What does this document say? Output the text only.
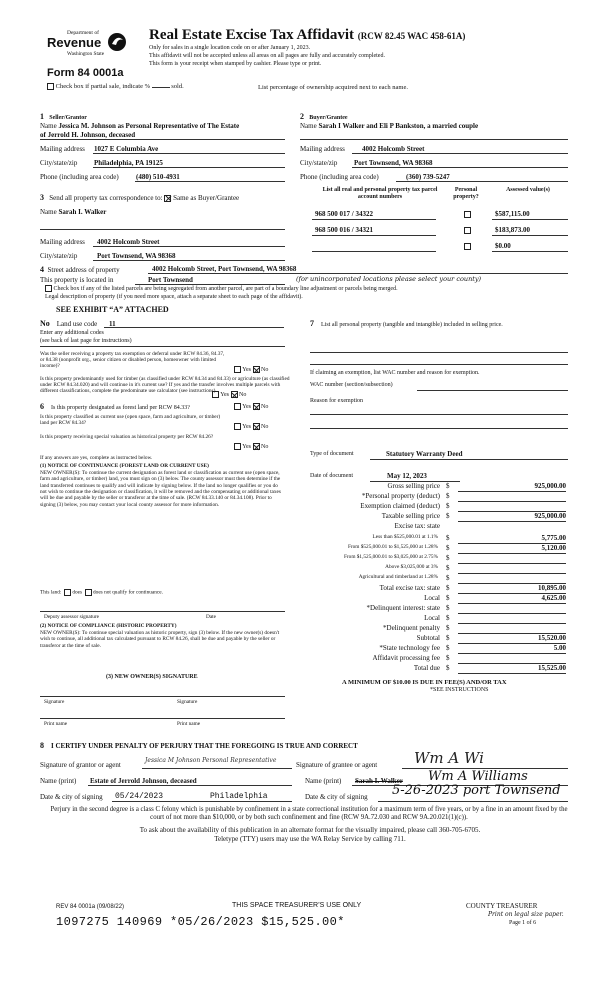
Department of
Revenue
Washington State
Form 84 0001a
Real Estate Excise Tax Affidavit (RCW 82.45 WAC 458-61A)
Only for sales in a single location code on or after January 1, 2023.
This affidavit will not be accepted unless all areas on all pages are fully and accurately completed.
This form is your receipt when stamped by cashier. Please type or print.
Check box if partial sale, indicate %	sold.	List percentage of ownership acquired next to each name.
1 Seller/Grantor
Name Jessica M. Johnson as Personal Representative of The Estate
of Jerrold H. Johnson, deceased
Mailing address 1027 E Columbia Ave
City/state/zip Philadelphia, PA 19125
Phone (including area code) (480) 510-4931
2 Buyer/Grantee
Name Sarah I Walker and Eli P Bankston, a married couple
Mailing address 4002 Holcomb Street
City/state/zip Port Townsend, WA 98368
Phone (including area code)	(360) 739-5247
3 Send all property tax correspondence to: Same as Buyer/Grantee
Name Sarah I. Walker
Mailing address 4002 Holcomb Street
City/state/zip	Port Townsend, WA 98368
List all real and personal property tax parcel account numbers
Personal property?
Assessed value(s)
968 500 017 / 34322	$587,115.00
968 500 016 / 34321	$183,873.00
$0.00
4 Street address of property	4002 Holcomb Street, Port Townsend, WA 98368
This property is located in	Port Townsend	(for unincorporated locations please select your county)
Check box if any of the listed parcels are being segregated from another parcel, are part of a boundary line adjustment or parcels being merged.
Legal description of property (if you need more space, attach a separate sheet to each page of the affidavit).
SEE EXHIBIT “A” ATTACHED
No Land use code 11
Enter any additional codes
(see back of last page for instructions)
Was the seller receiving a property tax exemption or deferral under RCW 84.36, 84.37, or 84.38 (nonprofit org., senior citizen or disabled person, homeowner with limited income)?
Yes No
Is this property predominantly used for timber (as classified under RCW 84.34 and 84.33) or agriculture (as classified under RCW 84.34.020) and will continue in it's current use? If yes and the transfer involves multiple parcels with different classifications, complete the predominate use calculator (see instructions)
Yes No
6 Is this property designated as forest land per RCW 84.33?	Yes No
Is this property classified as current use (open space, farm and agriculture, or timber) land per RCW 84.34?
Yes No
Is this property receiving special valuation as historical property per RCW 84.26?
Yes No
If any answers are yes, complete as instructed below.
(1) NOTICE OF CONTINUANCE (FOREST LAND OR CURRENT USE)
NEW OWNER(S): To continue the current designation as forest land or classification as current use (open space, farm and agriculture, or timber) land, you must sign on (3) below. The county assessor must then determine if the land transferred continues to qualify and will indicate by signing below. If the land no longer qualifies or you do not wish to continue the designation or classification, it will be removed and the compensating or additional taxes will be due and payable by the seller or transferor at the time of sale. (RCW 84.33.140 or 84.34.108). Prior to signing (3) below, you may contact your local county assessor for more information.
This land: does does not qualify for continuance.
Deputy assessor signature	Date
(2) NOTICE OF COMPLIANCE (HISTORIC PROPERTY)
NEW OWNER(S): To continue special valuation as historic property, sign (3) below. If the new owner(s) doesn't wish to continue, all additional tax calculated pursuant to RCW 84.26, shall be due and payable by the seller or transferor at the time of sale.
(3) NEW OWNER(S) SIGNATURE
Signature	Signature
Print name	Print name
7 List all personal property (tangible and intangible) included in selling price.
If claiming an exemption, list WAC number and reason for exemption.
WAC number (section/subsection)
Reason for exemption
Type of document	Statutory Warranty Deed
Date of document	May 12, 2023
Gross selling price $	925,000.00
*Personal property (deduct) $
Exemption claimed (deduct) $
Taxable selling price $	925,000.00
Excise tax: state
Less than $525,000.01 at 1.1% $	5,775.00
From $525,000.01 to $1,525,000 at 1.28% $	5,120.00
From $1,525,000.01 to $3,025,000 at 2.75% $
Above $3,025,000 at 3% $
Agricultural and timberland at 1.28% $
Total excise tax: state $	10,895.00
Local $	4,625.00
*Delinquent interest: state $
Local $
*Delinquent penalty $
Subtotal $	15,520.00
*State technology fee $	5.00
Affidavit processing fee $
Total due $	15,525.00
A MINIMUM OF $10.00 IS DUE IN FEE(S) AND/OR TAX
*SEE INSTRUCTIONS
8 I CERTIFY UNDER PENALTY OF PERJURY THAT THE FOREGOING IS TRUE AND CORRECT
Signature of grantor or agent
Jessica M Johnson Personal Representative
Signature of grantee or agent Wm A Wi
Name (print) Estate of Jerrold Johnson, deceased	Name (print) Sarah I. Walker Wm A Williams
Date & city of signing 05/24/2023	Philadelphia	Date & city of signing 5-26-2023 port Townsend
Perjury in the second degree is a class C felony which is punishable by confinement in a state correctional institution for a maximum term of five years, or by a fine in an amount fixed by the court of not more than $10,000, or by both such confinement and fine (RCW 9A.72.030 and RCW 9A.20.021(1)(c)).
To ask about the availability of this publication in an alternate format for the visually impaired, please call 360-705-6705. Teletype (TTY) users may use the WA Relay Service by calling 711.
REV 84 0001a (09/08/22)	THIS SPACE TREASURER’S USE ONLY	COUNTY TREASURER
Print on legal size paper.
Page 1 of 6
1097275 140969 *05/26/2023 $15,525.00*
